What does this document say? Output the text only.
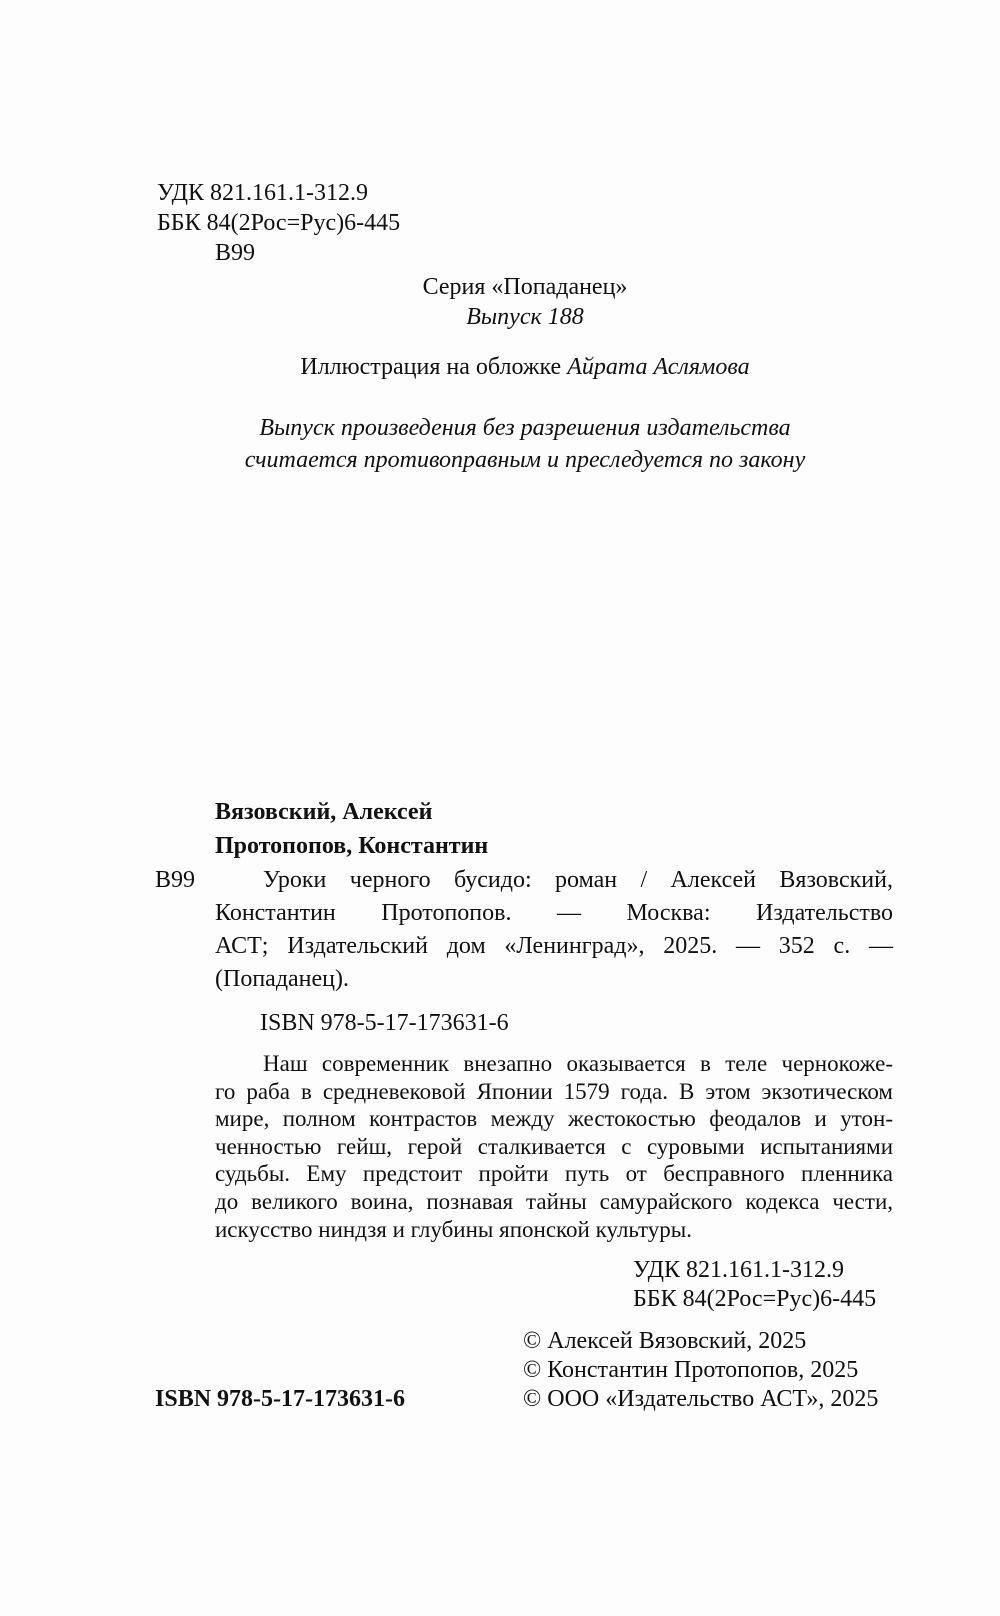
УДК 821.161.1-312.9
ББК 84(2Рос=Рус)6-445
В99
Серия «Попаданец»
Выпуск 188
Иллюстрация на обложке Айрата Аслямова
Выпуск произведения без разрешения издательства
считается противоправным и преследуется по закону
Вязовский, Алексей
Протопопов, Константин
В99	Уроки черного бусидо: роман / Алексей Вязовский,
Константин Протопопов. — Москва: Издательство
АСТ; Издательский дом «Ленинград», 2025. — 352 с. —
(Попаданец).
ISBN 978-5-17-173631-6
Наш современник внезапно оказывается в теле чернокоже-
го раба в средневековой Японии 1579 года. В этом экзотическом
мире, полном контрастов между жестокостью феодалов и утон-
ченностью гейш, герой сталкивается с суровыми испытаниями
судьбы. Ему предстоит пройти путь от бесправного пленника
до великого воина, познавая тайны самурайского кодекса чести,
искусство ниндзя и глубины японской культуры.
УДК 821.161.1-312.9
ББК 84(2Рос=Рус)6-445
© Алексей Вязовский, 2025
© Константин Протопопов, 2025
© ООО «Издательство АСТ», 2025
ISBN 978-5-17-173631-6
